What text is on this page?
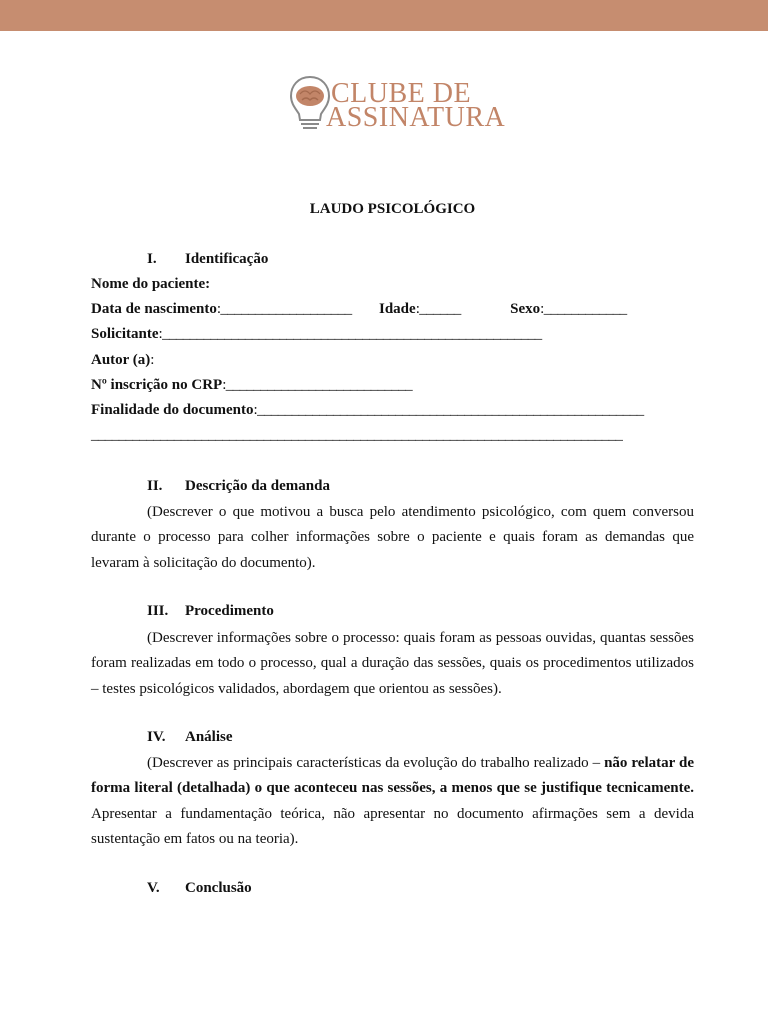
CLUBE DE
ASSINATURA
LAUDO PSICOLÓGICO
I. Identificação
Nome do paciente:
Data de nascimento:___________________ Idade:______	Sexo:____________
Solicitante:_______________________________________________________
Autor (a):
Nº inscrição no CRP:___________________________
Finalidade do documento:________________________________________________________
_____________________________________________________________________________
II. Descrição da demanda
(Descrever o que motivou a busca pelo atendimento psicológico, com quem conversou durante o processo para colher informações sobre o paciente e quais foram as demandas que levaram à solicitação do documento).
III. Procedimento
(Descrever informações sobre o processo: quais foram as pessoas ouvidas, quantas sessões foram realizadas em todo o processo, qual a duração das sessões, quais os procedimentos utilizados – testes psicológicos validados, abordagem que orientou as sessões).
IV. Análise
(Descrever as principais características da evolução do trabalho realizado – não relatar de forma literal (detalhada) o que aconteceu nas sessões, a menos que se justifique tecnicamente. Apresentar a fundamentação teórica, não apresentar no documento afirmações sem a devida sustentação em fatos ou na teoria).
V. Conclusão
